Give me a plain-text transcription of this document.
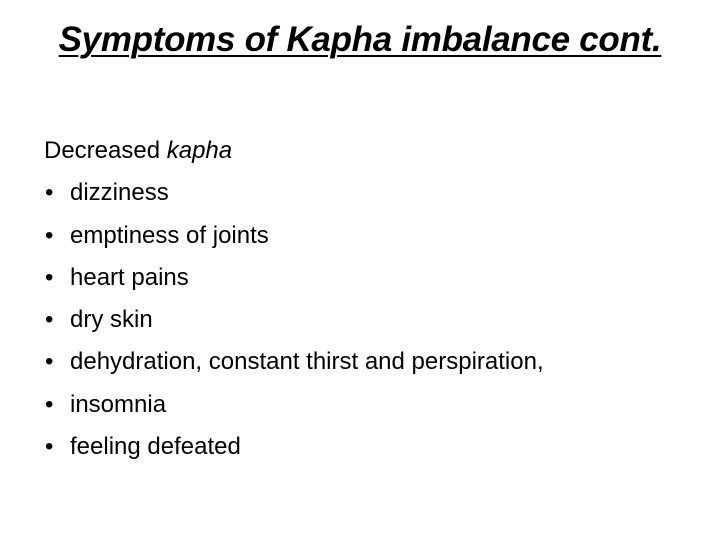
Symptoms of Kapha imbalance cont.
Decreased kapha
• dizziness
• emptiness of joints
• heart pains
• dry skin
• dehydration, constant thirst and perspiration,
• insomnia
• feeling defeated
